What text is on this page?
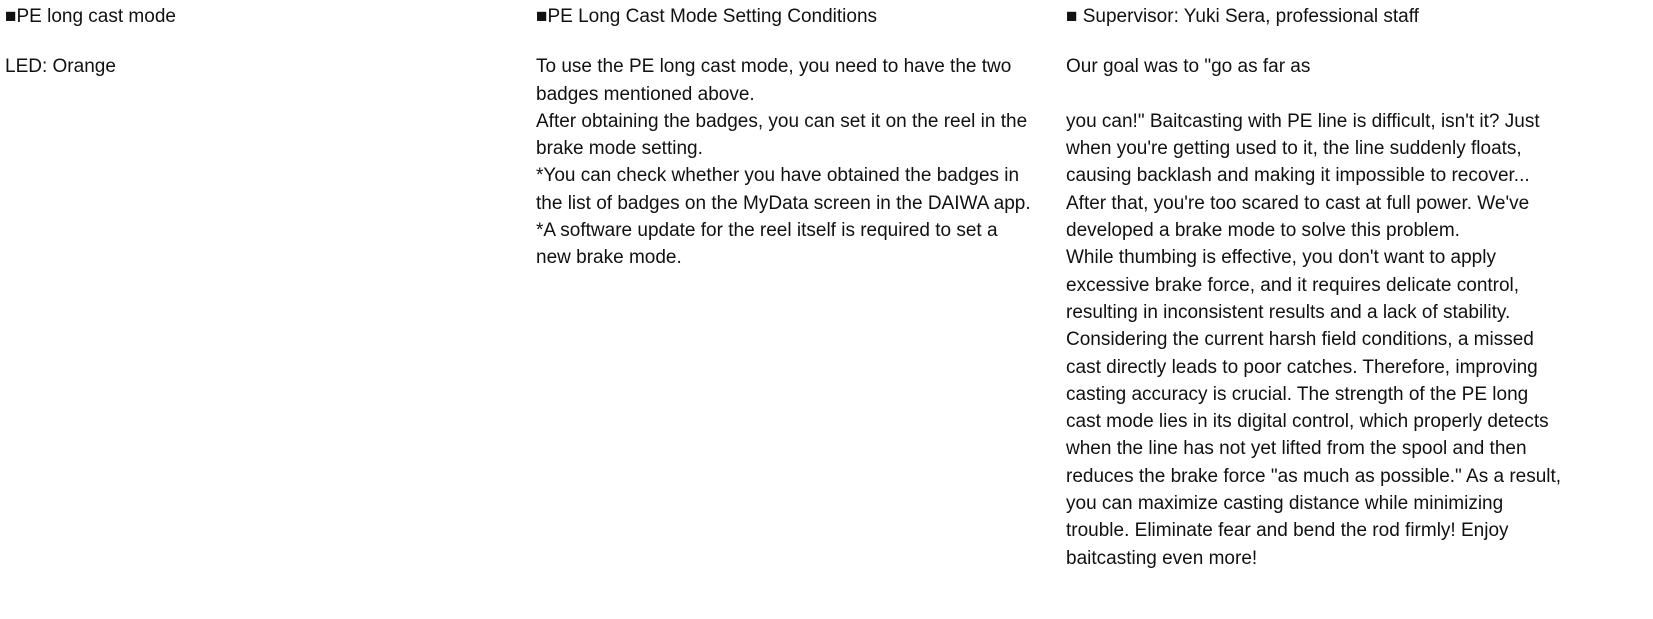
■PE long cast mode

LED: Orange

■PE Long Cast Mode Setting Conditions

To use the PE long cast mode, you need to have the two badges mentioned above.

After obtaining the badges, you can set it on the reel in the brake mode setting.

*You can check whether you have obtained the badges in the list of badges on the MyData screen in the DAIWA app.

*A software update for the reel itself is required to set a new brake mode.

■ Supervisor: Yuki Sera, professional staff

Our goal was to "go as far as

you can!" Baitcasting with PE line is difficult, isn't it? Just when you're getting used to it, the line suddenly floats, causing backlash and making it impossible to recover... After that, you're too scared to cast at full power. We've developed a brake mode to solve this problem.

While thumbing is effective, you don't want to apply excessive brake force, and it requires delicate control, resulting in inconsistent results and a lack of stability. Considering the current harsh field conditions, a missed cast directly leads to poor catches. Therefore, improving casting accuracy is crucial. The strength of the PE long cast mode lies in its digital control, which properly detects when the line has not yet lifted from the spool and then reduces the brake force "as much as possible." As a result, you can maximize casting distance while minimizing trouble. Eliminate fear and bend the rod firmly! Enjoy baitcasting even more!
